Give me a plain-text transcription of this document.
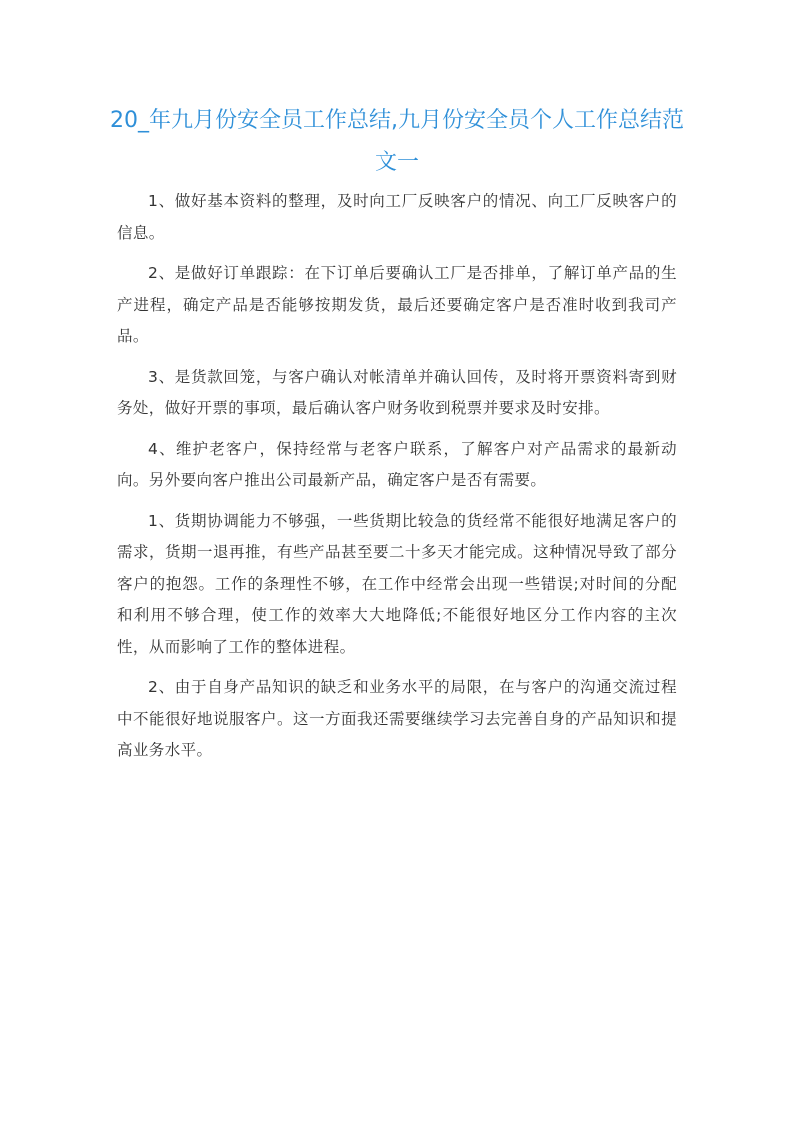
20_年九月份安全员工作总结,九月份安全员个人工作总结范文一

1、做好基本资料的整理，及时向工厂反映客户的情况、向工厂反映客户的信息。

2、是做好订单跟踪：在下订单后要确认工厂是否排单，了解订单产品的生产进程，确定产品是否能够按期发货，最后还要确定客户是否准时收到我司产品。

3、是货款回笼，与客户确认对帐清单并确认回传，及时将开票资料寄到财务处，做好开票的事项，最后确认客户财务收到税票并要求及时安排。

4、维护老客户，保持经常与老客户联系，了解客户对产品需求的最新动向。另外要向客户推出公司最新产品，确定客户是否有需要。

1、货期协调能力不够强，一些货期比较急的货经常不能很好地满足客户的需求，货期一退再推，有些产品甚至要二十多天才能完成。这种情况导致了部分客户的抱怨。工作的条理性不够，在工作中经常会出现一些错误;对时间的分配和利用不够合理，使工作的效率大大地降低;不能很好地区分工作内容的主次性，从而影响了工作的整体进程。

2、由于自身产品知识的缺乏和业务水平的局限，在与客户的沟通交流过程中不能很好地说服客户。这一方面我还需要继续学习去完善自身的产品知识和提高业务水平。
